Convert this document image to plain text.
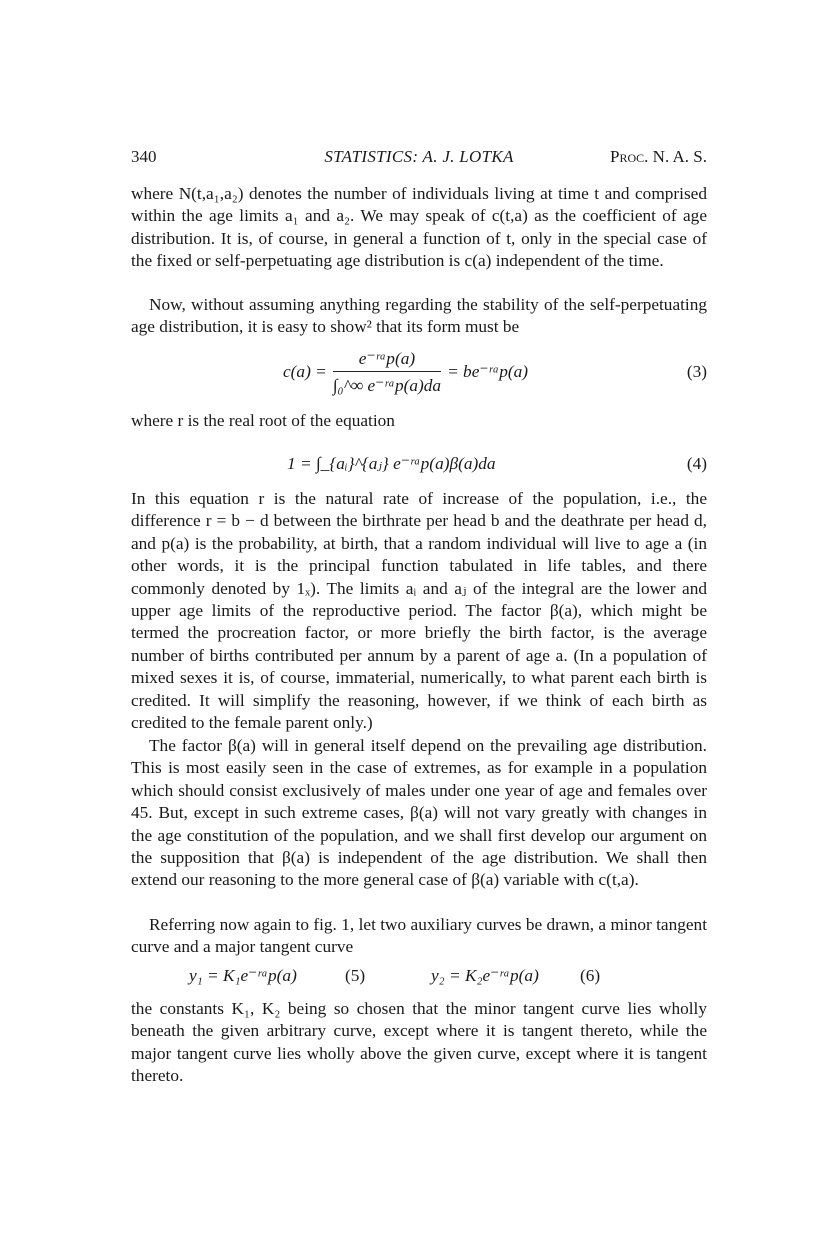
340	STATISTICS: A. J. LOTKA	Proc. N. A. S.

where N(t,a₁,a₂) denotes the number of individuals living at time t and comprised within the age limits a₁ and a₂. We may speak of c(t,a) as the coefficient of age distribution. It is, of course, in general a function of t, only in the special case of the fixed or self-perpetuating age distribution is c(a) independent of the time.

Now, without assuming anything regarding the stability of the self-perpetuating age distribution, it is easy to show² that its form must be

$c(a) = \frac{\text{e⁻ʳᵃp(a)}}{\text{∫₀\textasciicircum{}∞ e⁻ʳᵃp(a)da}}$ = be⁻ʳᵃp(a)	(3)

where r is the real root of the equation

1 = ∫_{aᵢ}^{aⱼ} e⁻ʳᵃp(a)β(a)da	(4)

In this equation r is the natural rate of increase of the population, i.e., the difference r = b − d between the birthrate per head b and the deathrate per head d, and p(a) is the probability, at birth, that a random individual will live to age a (in other words, it is the principal function tabulated in life tables, and there commonly denoted by 1ₓ). The limits aᵢ and aⱼ of the integral are the lower and upper age limits of the reproductive period. The factor β(a), which might be termed the procreation factor, or more briefly the birth factor, is the average number of births contributed per annum by a parent of age a. (In a population of mixed sexes it is, of course, immaterial, numerically, to what parent each birth is credited. It will simplify the reasoning, however, if we think of each birth as credited to the female parent only.)

The factor β(a) will in general itself depend on the prevailing age distribution. This is most easily seen in the case of extremes, as for example in a population which should consist exclusively of males under one year of age and females over 45. But, except in such extreme cases, β(a) will not vary greatly with changes in the age constitution of the population, and we shall first develop our argument on the supposition that β(a) is independent of the age distribution. We shall then extend our reasoning to the more general case of β(a) variable with c(t,a).

Referring now again to fig. 1, let two auxiliary curves be drawn, a minor tangent curve and a major tangent curve

y₁ = K₁e⁻ʳᵃp(a)	(5)	y₂ = K₂e⁻ʳᵃp(a) (6)

the constants K₁, K₂ being so chosen that the minor tangent curve lies wholly beneath the given arbitrary curve, except where it is tangent thereto, while the major tangent curve lies wholly above the given curve, except where it is tangent thereto.
